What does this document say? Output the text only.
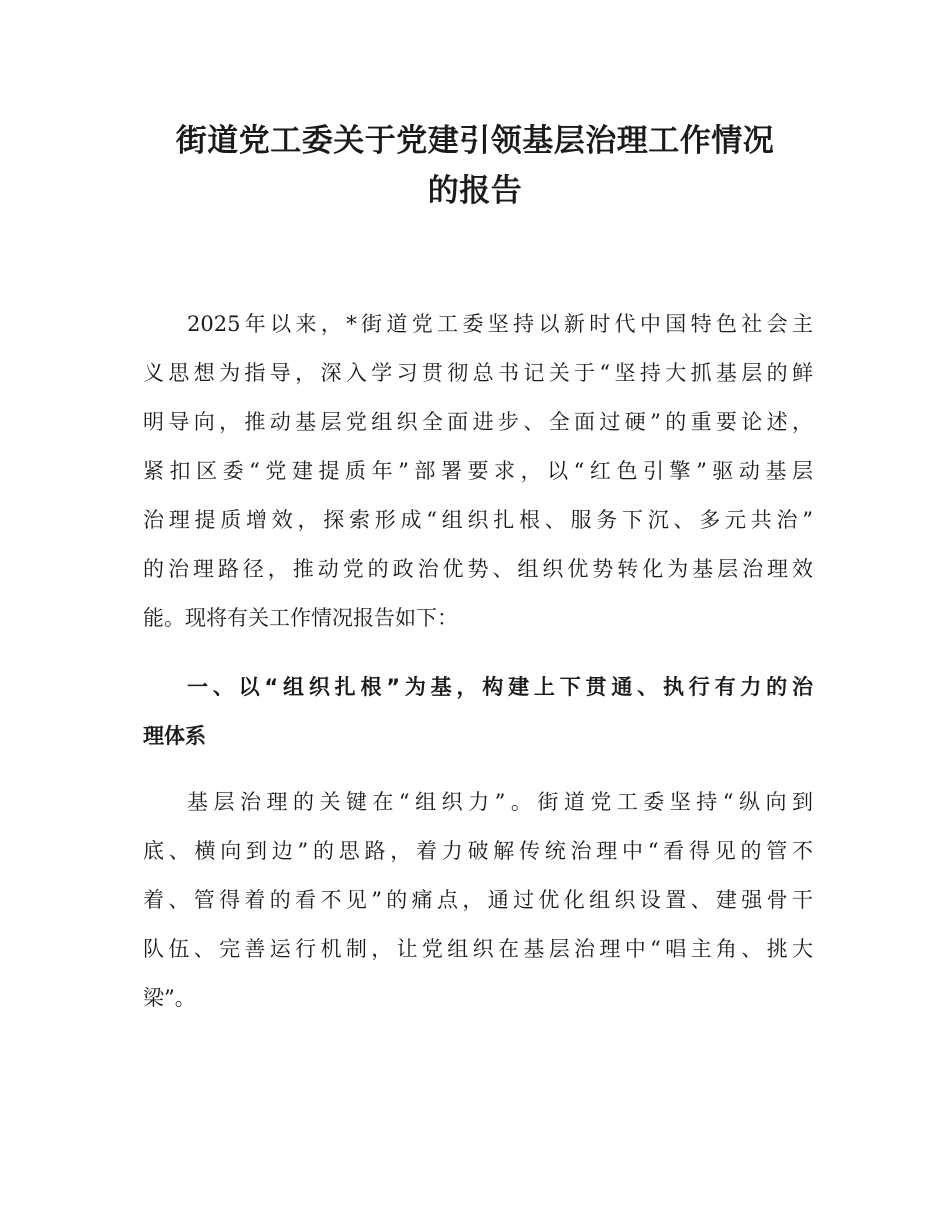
街道党工委关于党建引领基层治理工作情况
的报告

2025年以来，*街道党工委坚持以新时代中国特色社会主
义思想为指导，深入学习贯彻总书记关于“坚持大抓基层的鲜
明导向，推动基层党组织全面进步、全面过硬”的重要论述，
紧扣区委“党建提质年”部署要求，以“红色引擎”驱动基层
治理提质增效，探索形成“组织扎根、服务下沉、多元共治”
的治理路径，推动党的政治优势、组织优势转化为基层治理效
能。现将有关工作情况报告如下：

一、以“组织扎根”为基，构建上下贯通、执行有力的治
理体系

基层治理的关键在“组织力”。街道党工委坚持“纵向到
底、横向到边”的思路，着力破解传统治理中“看得见的管不
着、管得着的看不见”的痛点，通过优化组织设置、建强骨干
队伍、完善运行机制，让党组织在基层治理中“唱主角、挑大
梁”。
